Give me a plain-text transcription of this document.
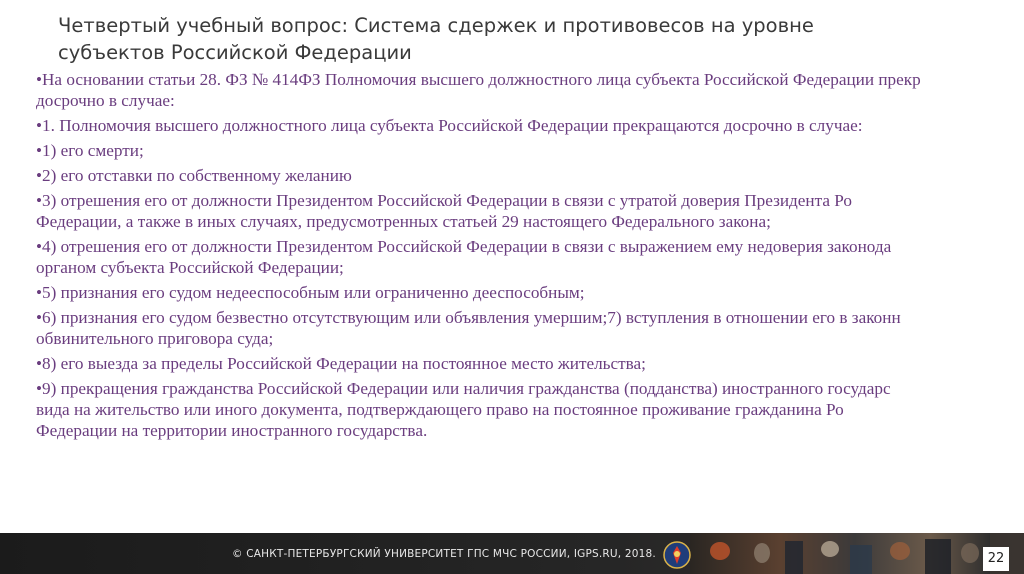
Четвертый учебный вопрос: Система сдержек и противовесов на уровне
субъектов Российской Федерации
•На основании статьи 28. ФЗ № 414ФЗ Полномочия высшего должностного лица субъекта Российской Федерации прекр
досрочно в случае:
•1. Полномочия высшего должностного лица субъекта Российской Федерации прекращаются досрочно в случае:
•1) его смерти;
•2) его отставки по собственному желанию
•3) отрешения его от должности Президентом Российской Федерации в связи с утратой доверия Президента Ро
Федерации, а также в иных случаях, предусмотренных статьей 29 настоящего Федерального закона;
•4) отрешения его от должности Президентом Российской Федерации в связи с выражением ему недоверия законода
органом субъекта Российской Федерации;
•5) признания его судом недееспособным или ограниченно дееспособным;
•6) признания его судом безвестно отсутствующим или объявления умершим;7) вступления в отношении его в законн
обвинительного приговора суда;
•8) его выезда за пределы Российской Федерации на постоянное место жительства;
•9) прекращения гражданства Российской Федерации или наличия гражданства (подданства) иностранного государс
вида на жительство или иного документа, подтверждающего право на постоянное проживание гражданина Ро
Федерации на территории иностранного государства.
© САНКТ-ПЕТЕРБУРГСКИЙ УНИВЕРСИТЕТ ГПС МЧС РОССИИ, IGPS.RU, 2018.	22
